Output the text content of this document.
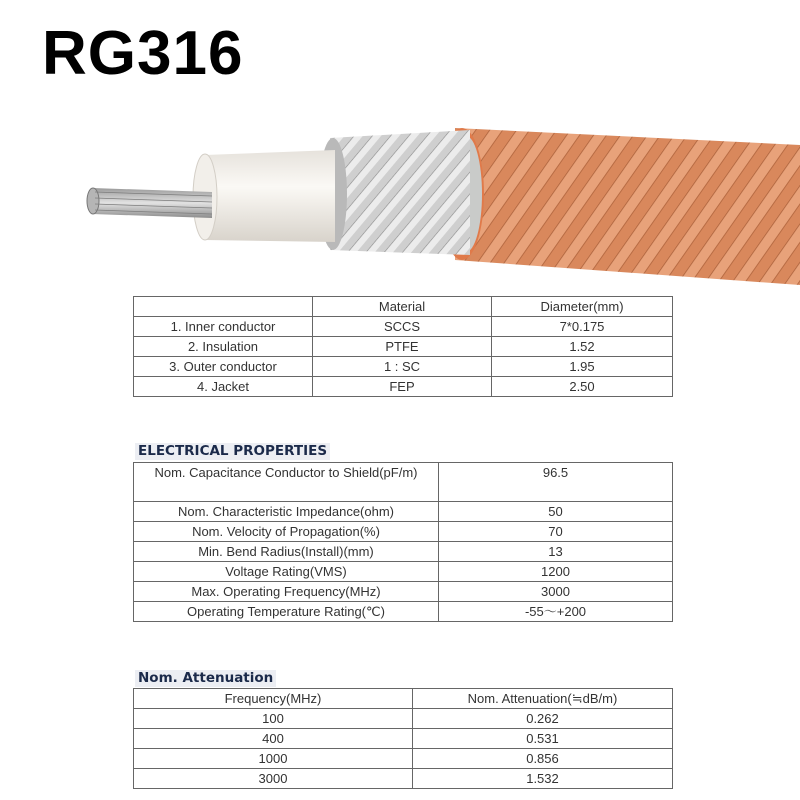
RG316
	Material	Diameter(mm)
1. Inner conductor	SCCS	7*0.175
2. Insulation	PTFE	1.52
3. Outer conductor	1 : SC	1.95
4. Jacket	FEP	2.50
ELECTRICAL PROPERTIES
Nom. Capacitance Conductor to Shield(pF/m)	96.5
Nom. Characteristic Impedance(ohm)	50
Nom. Velocity of Propagation(%)	70
Min. Bend Radius(Install)(mm)	13
Voltage Rating(VMS)	1200
Max. Operating Frequency(MHz)	3000
Operating Temperature Rating(℃)	-55～+200
Nom. Attenuation
Frequency(MHz)	Nom. Attenuation(≒dB/m)
100	0.262
400	0.531
1000	0.856
3000	1.532
